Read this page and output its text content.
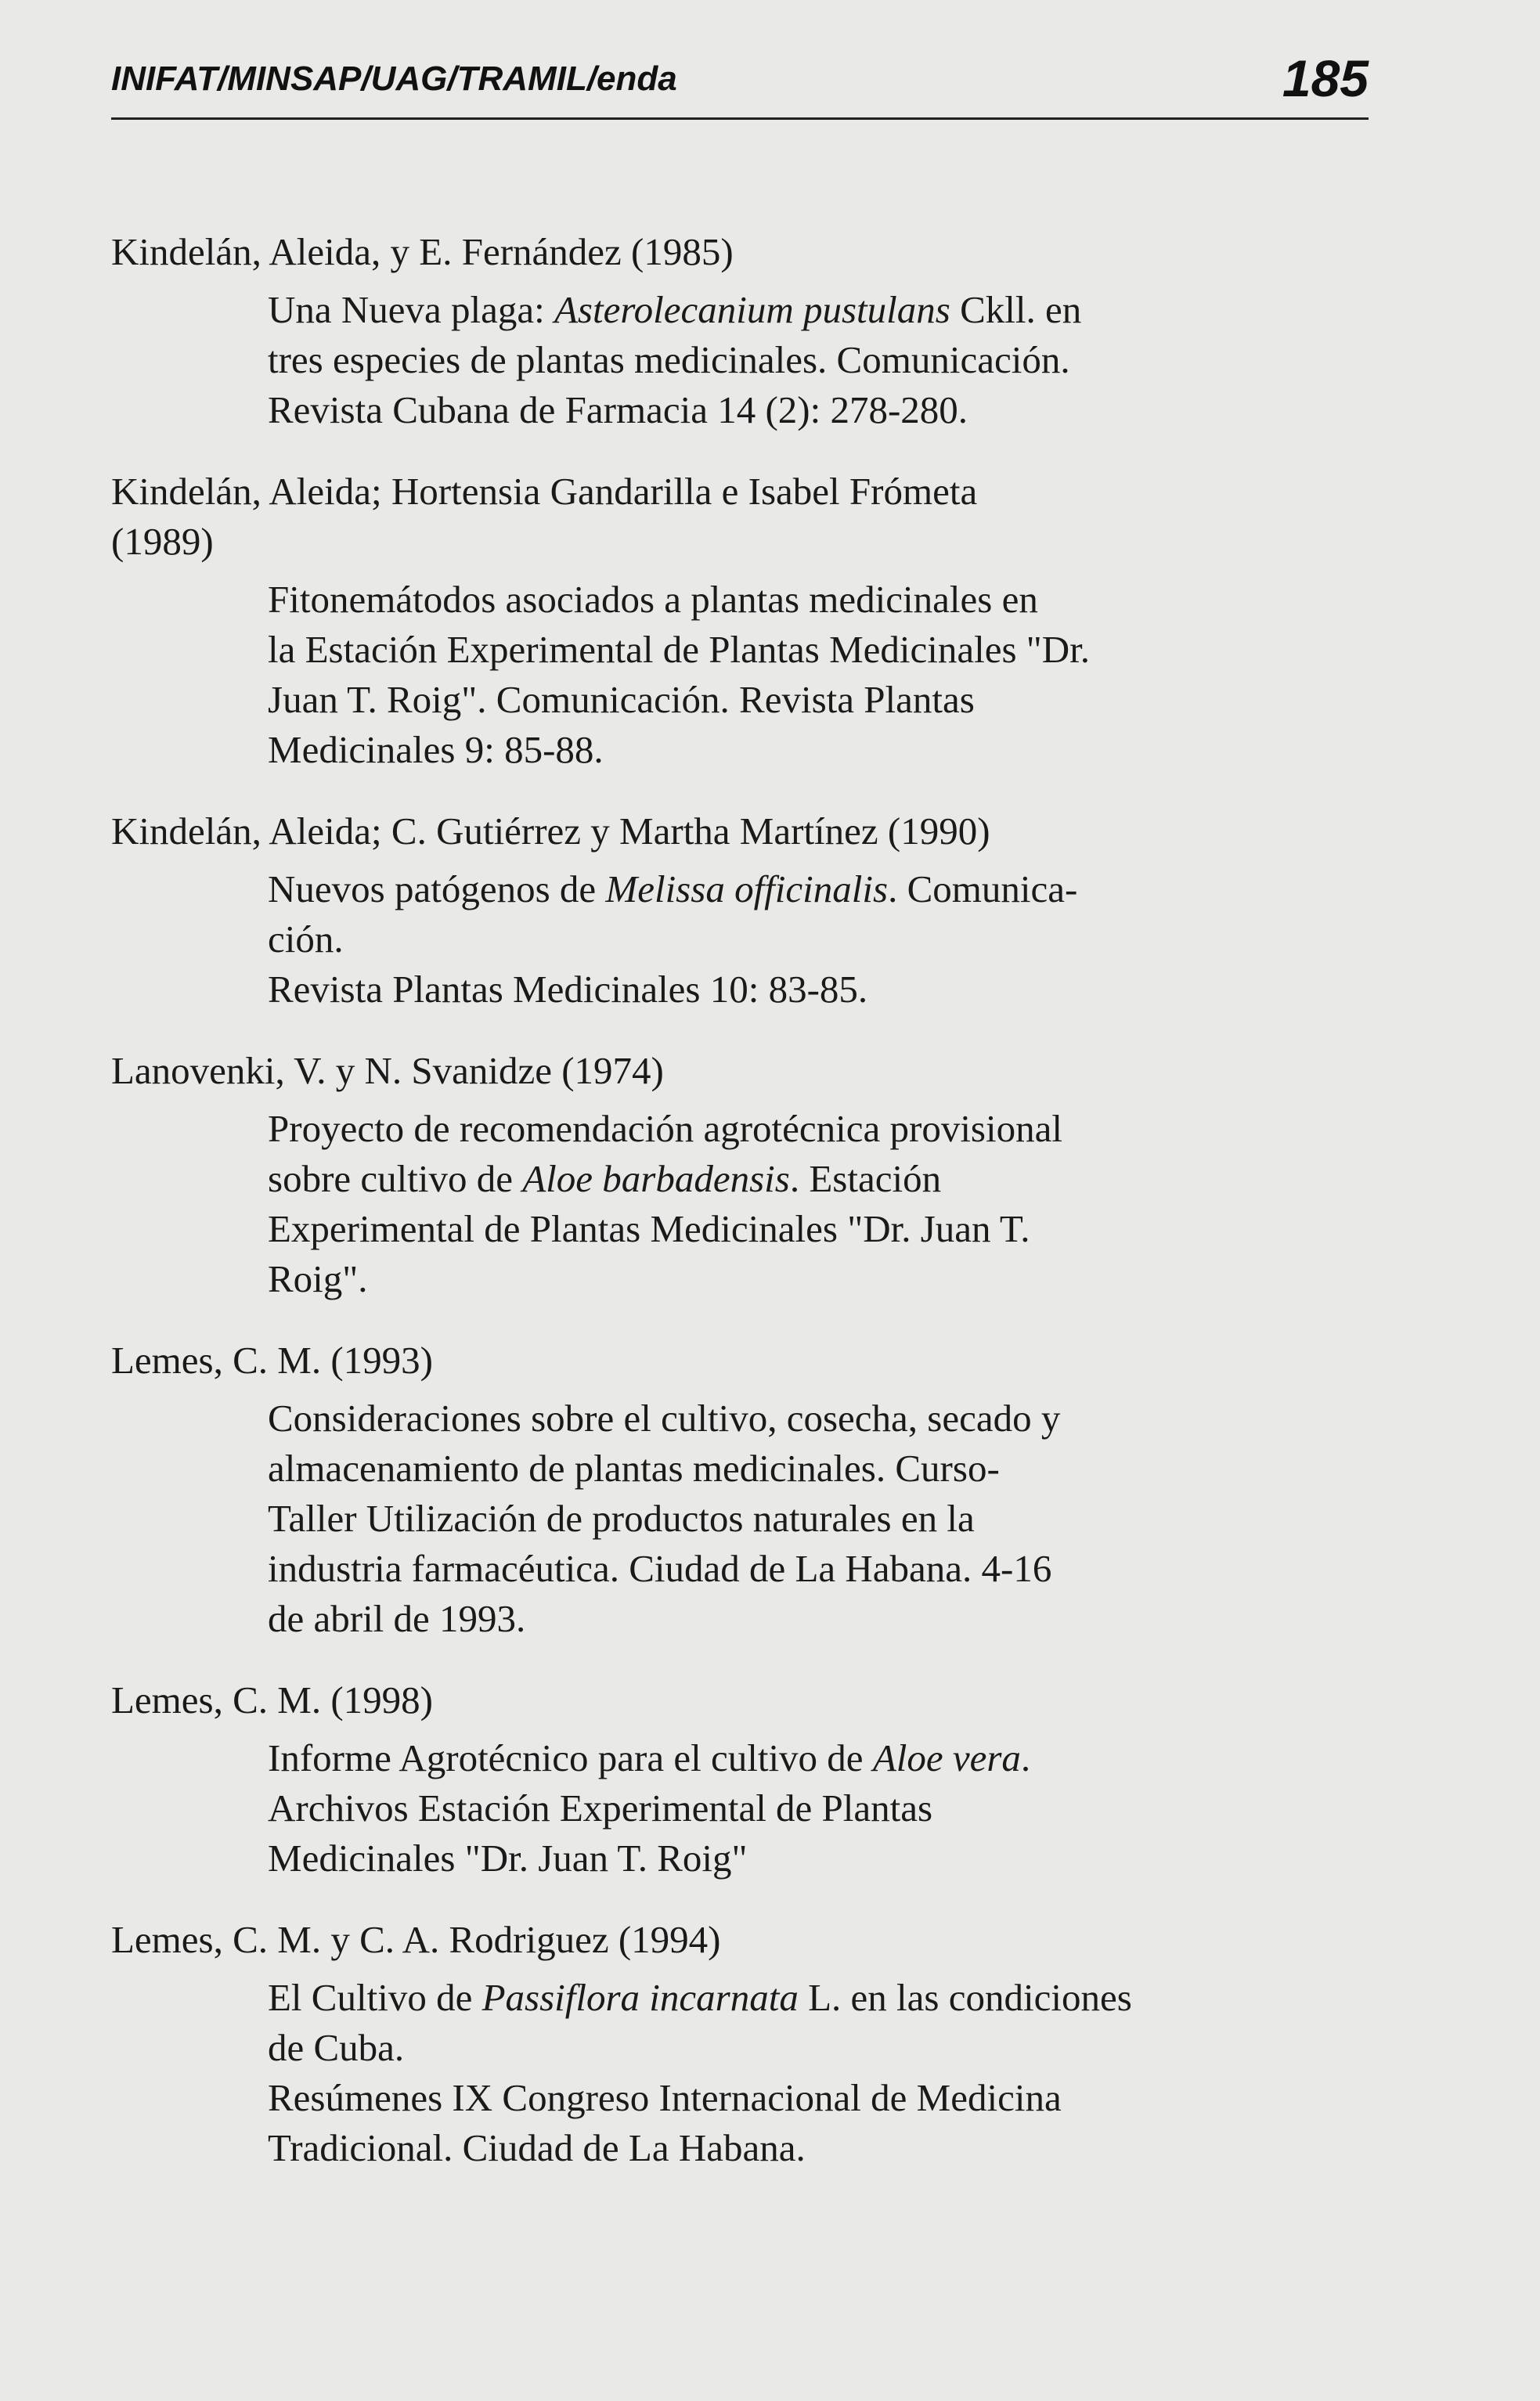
INIFAT/MINSAP/UAG/TRAMIL/enda	185
Kindelán, Aleida, y E. Fernández (1985)
Una Nueva plaga: Asterolecanium pustulans Ckll. en
tres especies de plantas medicinales. Comunicación.
Revista Cubana de Farmacia 14 (2): 278-280.
Kindelán, Aleida; Hortensia Gandarilla e Isabel Frómeta
(1989)
Fitonemátodos asociados a plantas medicinales en
la Estación Experimental de Plantas Medicinales "Dr.
Juan T. Roig". Comunicación. Revista Plantas
Medicinales 9: 85-88.
Kindelán, Aleida; C. Gutiérrez y Martha Martínez (1990)
Nuevos patógenos de Melissa officinalis. Comunica-
ción.
Revista Plantas Medicinales 10: 83-85.
Lanovenki, V. y N. Svanidze (1974)
Proyecto de recomendación agrotécnica provisional
sobre cultivo de Aloe barbadensis. Estación
Experimental de Plantas Medicinales "Dr. Juan T.
Roig".
Lemes, C. M. (1993)
Consideraciones sobre el cultivo, cosecha, secado y
almacenamiento de plantas medicinales. Curso-
Taller Utilización de productos naturales en la
industria farmacéutica. Ciudad de La Habana. 4-16
de abril de 1993.
Lemes, C. M. (1998)
Informe Agrotécnico para el cultivo de Aloe vera.
Archivos Estación Experimental de Plantas
Medicinales "Dr. Juan T. Roig"
Lemes, C. M. y C. A. Rodriguez (1994)
El Cultivo de Passiflora incarnata L. en las condiciones
de Cuba.
Resúmenes IX Congreso Internacional de Medicina
Tradicional. Ciudad de La Habana.
